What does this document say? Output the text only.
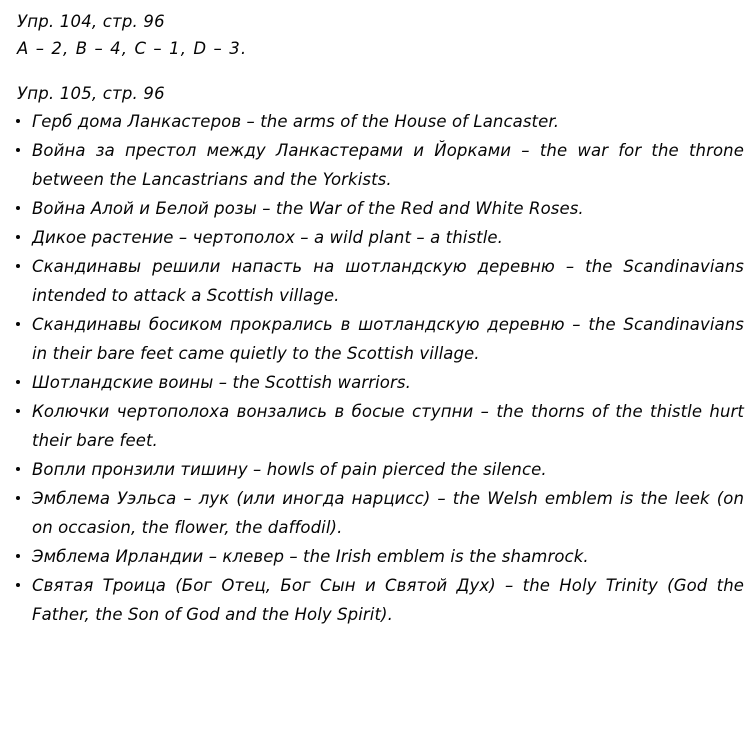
Упр. 104, стр. 96
A – 2, B – 4, C – 1, D – 3.
Упр. 105, стр. 96
Герб дома Ланкастеров – the arms of the House of Lancaster.
Война за престол между Ланкастерами и Йорками – the war for the throne between the Lancastrians and the Yorkists.
Война Алой и Белой розы – the War of the Red and White Roses.
Дикое растение – чертополох – a wild plant – a thistle.
Скандинавы решили напасть на шотландскую деревню – the Scandinavians intended to attack a Scottish village.
Скандинавы босиком прокрались в шотландскую деревню – the Scandinavians in their bare feet came quietly to the Scottish village.
Шотландские воины – the Scottish warriors.
Колючки чертополоха вонзались в босые ступни – the thorns of the thistle hurt their bare feet.
Вопли пронзили тишину – howls of pain pierced the silence.
Эмблема Уэльса – лук (или иногда нарцисс) – the Welsh emblem is the leek (on on occasion, the flower, the daffodil).
Эмблема Ирландии – клевер – the Irish emblem is the shamrock.
Святая Троица (Бог Отец, Бог Сын и Святой Дух) – the Holy Trinity (God the Father, the Son of God and the Holy Spirit).
